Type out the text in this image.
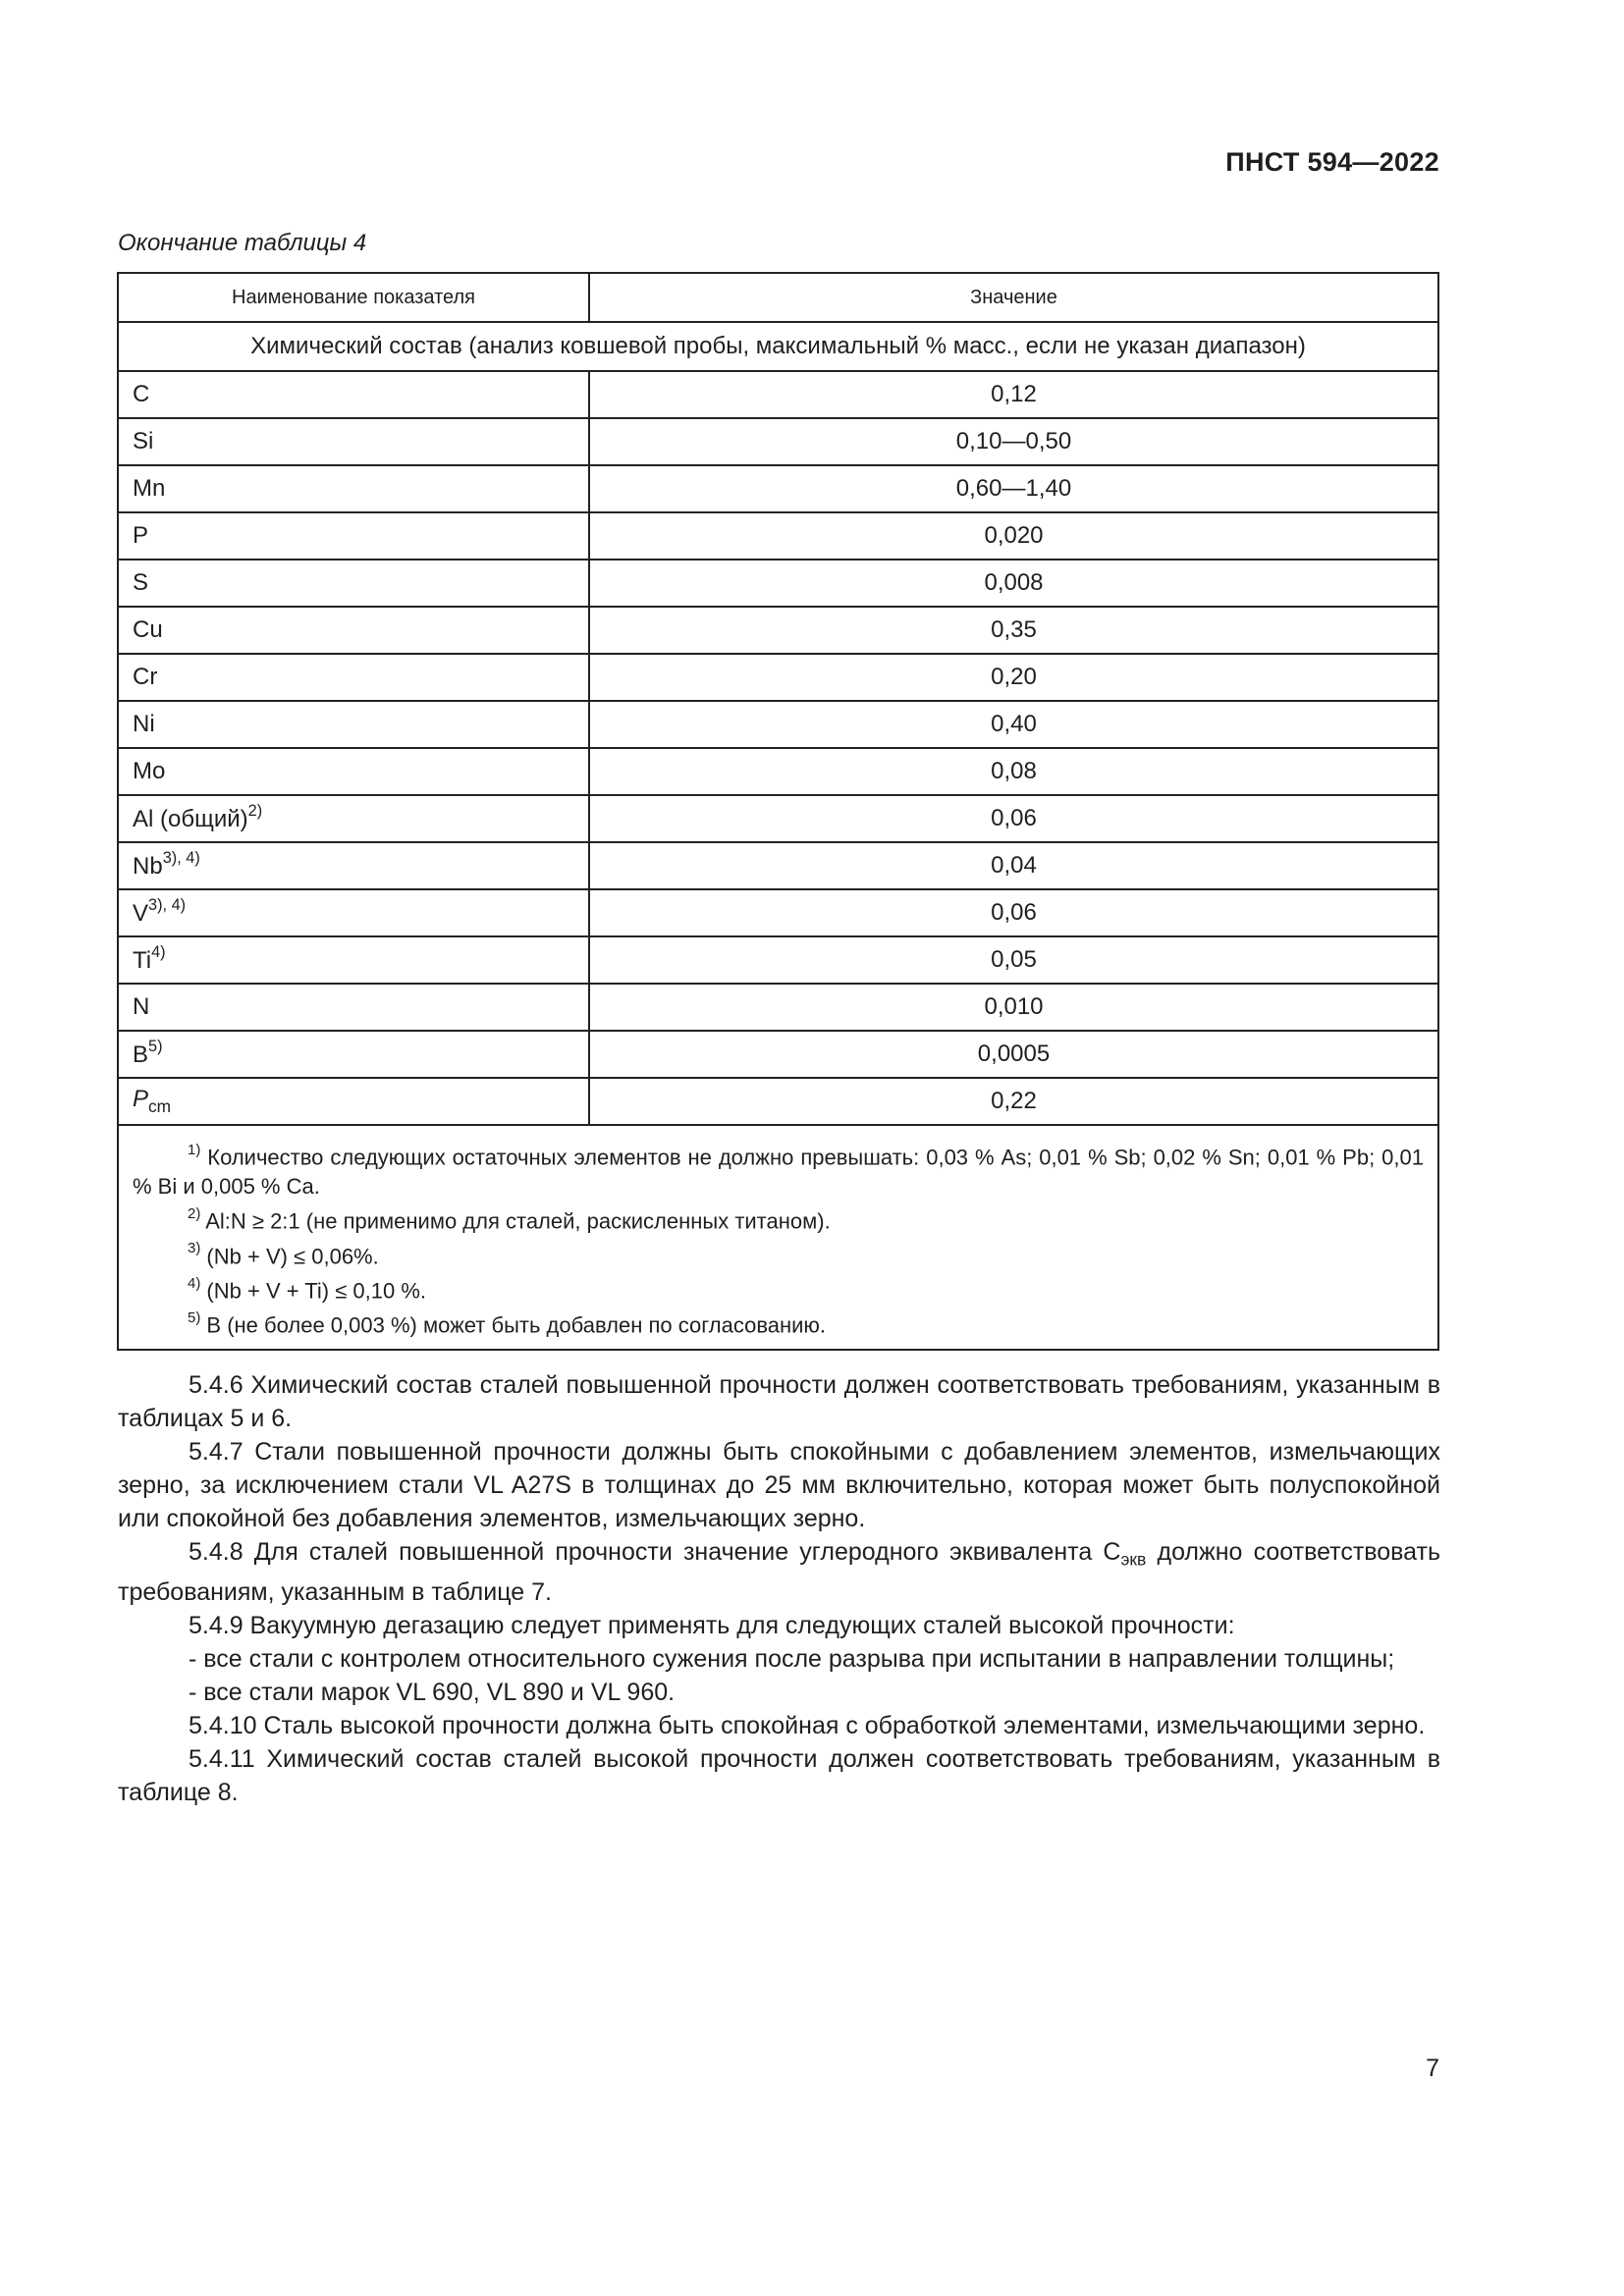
ПНСТ 594—2022
Окончание таблицы 4
Наименование показателя	Значение
Химический состав (анализ ковшевой пробы, максимальный % масс., если не указан диапазон)	
C	0,12
Si	0,10—0,50
Mn	0,60—1,40
P	0,020
S	0,008
Cu	0,35
Cr	0,20
Ni	0,40
Mo	0,08
Al (общий)$^{2)}$	0,06
$Nb^{3), 4)}$	0,04
$V^{3), 4)}$	0,06
Ti$^{4)}$	0,05
N	0,010
$B^{5)}$	0,0005
$P_{cm}$	0,22

$^{1)}$ Количество следующих остаточных элементов не должно превышать: 0,03 % As; 0,01 % Sb; 0,02 % Sn; 0,01 % Pb; 0,01 % Bi и 0,005 % Ca.
$^{2)}$ Al:N ≥ 2:1 (не применимо для сталей, раскисленных титаном).
$^{3)}$ (Nb + V) ≤ 0,06%.
$^{4)}$ (Nb + V + Ti) ≤ 0,10 %.
$^{5)}$ B (не более 0,003 %) может быть добавлен по согласованию.	

5.4.6 Химический состав сталей повышенной прочности должен соответствовать требованиям, указанным в таблицах 5 и 6.

5.4.7 Стали повышенной прочности должны быть спокойными с добавлением элементов, измельчающих зерно, за исключением стали VL A27S в толщинах до 25 мм включительно, которая может быть полуспокойной или спокойной без добавления элементов, измельчающих зерно.

5.4.8 Для сталей повышенной прочности значение углеродного эквивалента $С_{экв}$ должно соответствовать требованиям, указанным в таблице 7.

5.4.9 Вакуумную дегазацию следует применять для следующих сталей высокой прочности:

- все стали с контролем относительного сужения после разрыва при испытании в направлении толщины;

- все стали марок VL 690, VL 890 и VL 960.

5.4.10 Сталь высокой прочности должна быть спокойная с обработкой элементами, измельчающими зерно.

5.4.11 Химический состав сталей высокой прочности должен соответствовать требованиям, указанным в таблице 8.

7
